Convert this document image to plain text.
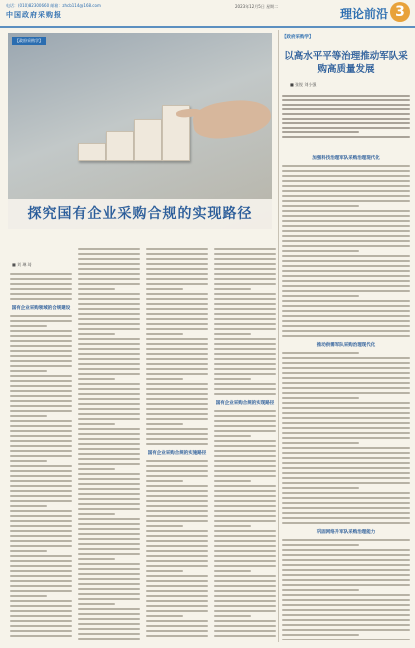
电话：(010)82300660 邮箱：zhcb114@168.com
中国政府采购报
2023年12月5日 星期二
理论前沿 3
【政府采购学】
探究国有企业采购合规的实现路径
【政府采购学】
以高水平平等治理推动军队采购高质量发展
■ 张锐 刘小强
■ 刘 琳 琦
国有企业采购领域的合规建设
国有企业采购合规的实施路径
国有企业采购合规的实现路径
加强科技治理军队采购治理现代化
推动供需军队采购治理现代化
巩固网络升军队采购治理能力
